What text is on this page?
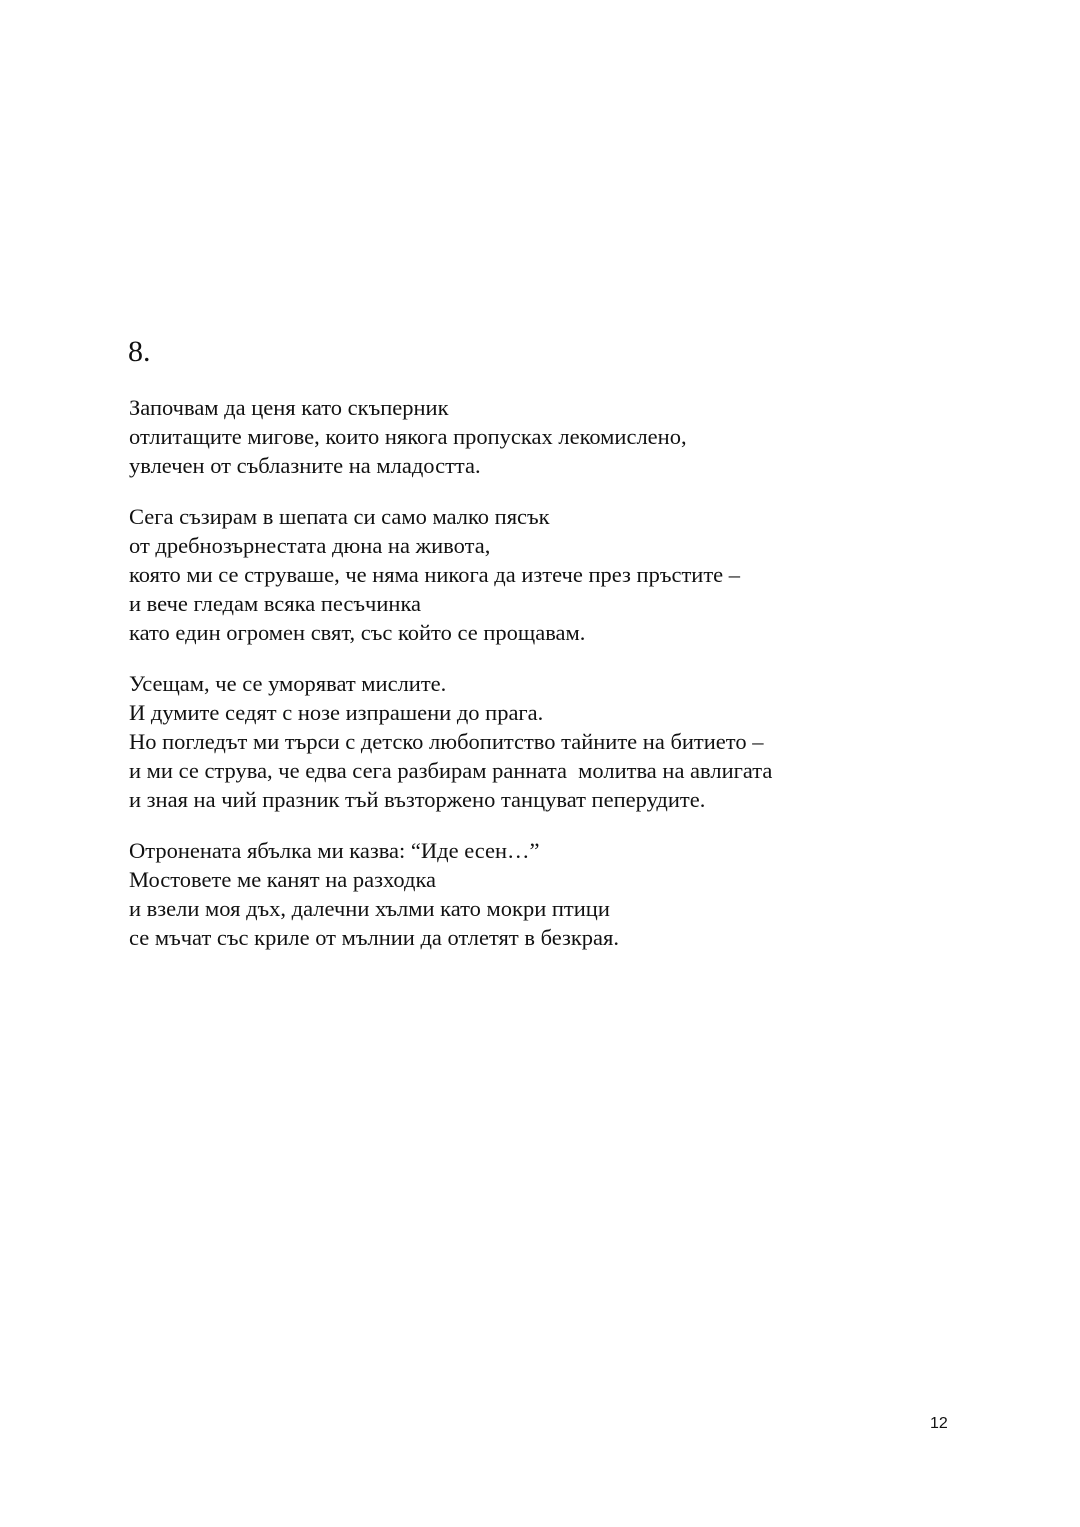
8.

Започвам да ценя като скъперник
отлитащите мигове, които някога пропусках лекомислено,
увлечен от съблазните на младостта.

Сега съзирам в шепата си само малко пясък
от дребнозърнестата дюна на живота,
която ми се струваше, че няма никога да изтече през пръстите –
и вече гледам всяка песъчинка
като един огромен свят, със който се прощавам.

Усещам, че се уморяват мислите.
И думите седят с нозе изпрашени до прага.
Но погледът ми търси с детско любопитство тайните на битието –
и ми се струва, че едва сега разбирам ранната  молитва на авлигата
и зная на чий празник тъй възторжено танцуват пеперудите.

Отронената ябълка ми казва: “Иде есен…”
Мостовете ме канят на разходка
и взели моя дъх, далечни хълми като мокри птици
се мъчат със криле от мълнии да отлетят в безкрая.

12
